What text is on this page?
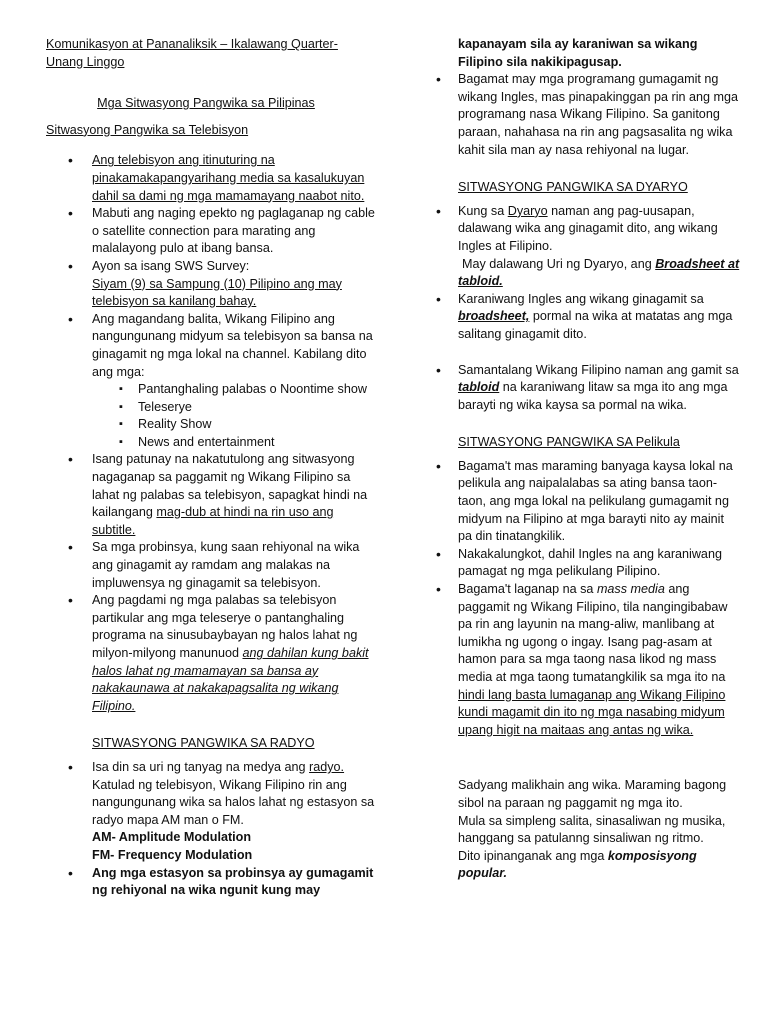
Komunikasyon at Pananaliksik – Ikalawang Quarter- Unang Linggo

Mga Sitwasyong Pangwika sa Pilipinas

Sitwasyong Pangwika sa Telebisyon

• Ang telebisyon ang itinuturing na pinakamakapangyarihang media sa kasalukuyan dahil sa dami ng mga mamamayang naabot nito.
• Mabuti ang naging epekto ng paglaganap ng cable o satellite connection para marating ang malalayong pulo at ibang bansa.
• Ayon sa isang SWS Survey:
Siyam (9) sa Sampung (10) Pilipino ang may telebisyon sa kanilang bahay.
• Ang magandang balita, Wikang Filipino ang nangungunang midyum sa telebisyon sa bansa na ginagamit ng mga lokal na channel. Kabilang dito ang mga:
▪ Pantanghaling palabas o Noontime show
▪ Teleserye
▪ Reality Show
▪ News and entertainment
• Isang patunay na nakatutulong ang sitwasyong nagaganap sa paggamit ng Wikang Filipino sa lahat ng palabas sa telebisyon, sapagkat hindi na kailangang mag-dub at hindi na rin uso ang subtitle.
• Sa mga probinsya, kung saan rehiyonal na wika ang ginagamit ay ramdam ang malakas na impluwensya ng ginagamit sa telebisyon.
• Ang pagdami ng mga palabas sa telebisyon partikular ang mga teleserye o pantanghaling programa na sinusubaybayan ng halos lahat ng milyon-milyong manunuod ang dahilan kung bakit halos lahat ng mamamayan sa bansa ay nakakaunawa at nakakapagsalita ng wikang Filipino.

SITWASYONG PANGWIKA SA RADYO

• Isa din sa uri ng tanyag na medya ang radyo. Katulad ng telebisyon, Wikang Filipino rin ang nangungunang wika sa halos lahat ng estasyon sa radyo mapa AM man o FM.
AM- Amplitude Modulation
FM- Frequency Modulation
• Ang mga estasyon sa probinsya ay gumagamit ng rehiyonal na wika ngunit kung may

kapanayam sila ay karaniwan sa wikang Filipino sila nakikipagusap.

• Bagamat may mga programang gumagamit ng wikang Ingles, mas pinapakinggan pa rin ang mga programang nasa Wikang Filipino. Sa ganitong paraan, nahahasa na rin ang pagsasalita ng wika kahit sila man ay nasa rehiyonal na lugar.

SITWASYONG PANGWIKA SA DYARYO

• Kung sa Dyaryo naman ang pag-uusapan, dalawang wika ang ginagamit dito, ang wikang Ingles at Filipino.
May dalawang Uri ng Dyaryo, ang Broadsheet at tabloid.
• Karaniwang Ingles ang wikang ginagamit sa broadsheet, pormal na wika at matatas ang mga salitang ginagamit dito.
• Samantalang Wikang Filipino naman ang gamit sa tabloid na karaniwang litaw sa mga ito ang mga barayti ng wika kaysa sa pormal na wika.

SITWASYONG PANGWIKA SA Pelikula

• Bagama't mas maraming banyaga kaysa lokal na pelikula ang naipalalabas sa ating bansa taon-taon, ang mga lokal na pelikulang gumagamit ng midyum na Filipino at mga barayti nito ay mainit pa din tinatangkilik.
• Nakakalungkot, dahil Ingles na ang karaniwang pamagat ng mga pelikulang Pilipino.
• Bagama't laganap na sa mass media ang paggamit ng Wikang Filipino, tila nangingibabaw pa rin ang layunin na mang-aliw, manlibang at lumikha ng ugong o ingay. Isang pag-asam at hamon para sa mga taong nasa likod ng mass media at mga taong tumatangkilik sa mga ito na hindi lang basta lumaganap ang Wikang Filipino kundi magamit din ito ng mga nasabing midyum upang higit na maitaas ang antas ng wika.

Sadyang malikhain ang wika. Maraming bagong sibol na paraan ng paggamit ng mga ito.
Mula sa simpleng salita, sinasaliwan ng musika, hanggang sa patulanng sinsaliwan ng ritmo.
Dito ipinanganak ang mga komposisyong popular.
